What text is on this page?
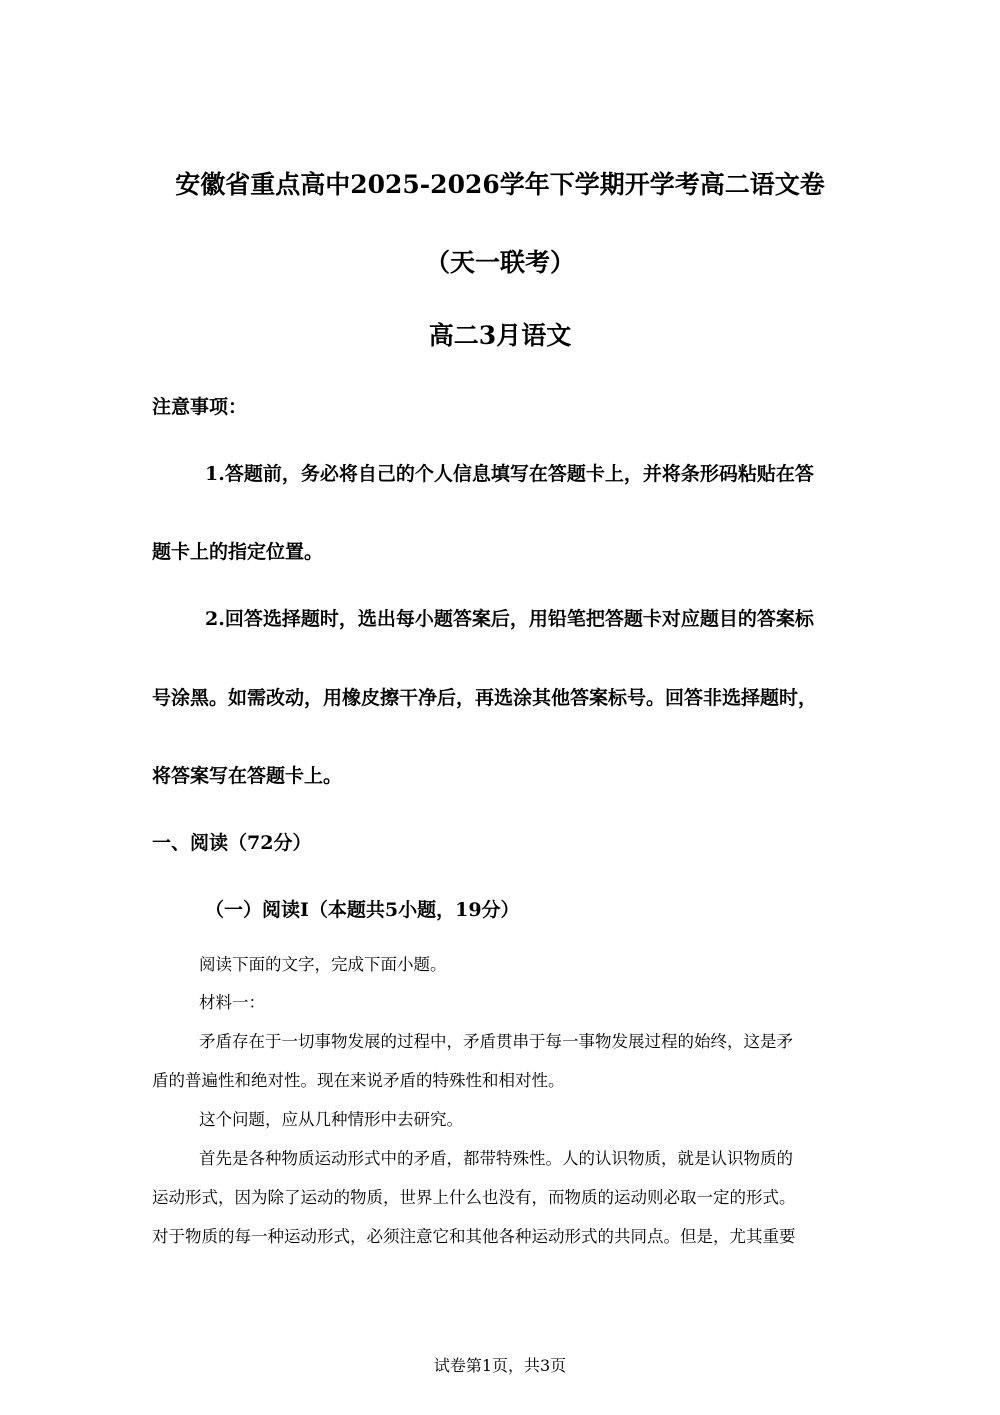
安徽省重点高中2025-2026学年下学期开学考高二语文卷
（天一联考）
高二3月语文
注意事项：
1.答题前，务必将自己的个人信息填写在答题卡上，并将条形码粘贴在答
题卡上的指定位置。
2.回答选择题时，选出每小题答案后，用铅笔把答题卡对应题目的答案标
号涂黑。如需改动，用橡皮擦干净后，再选涂其他答案标号。回答非选择题时，
将答案写在答题卡上。
一、阅读（72分）
（一）阅读Ⅰ（本题共5小题，19分）
阅读下面的文字，完成下面小题。
材料一：
矛盾存在于一切事物发展的过程中，矛盾贯串于每一事物发展过程的始终，这是矛
盾的普遍性和绝对性。现在来说矛盾的特殊性和相对性。
这个问题，应从几种情形中去研究。
首先是各种物质运动形式中的矛盾，都带特殊性。人的认识物质，就是认识物质的
运动形式，因为除了运动的物质，世界上什么也没有，而物质的运动则必取一定的形式。
对于物质的每一种运动形式，必须注意它和其他各种运动形式的共同点。但是，尤其重要
试卷第1页，共3页
